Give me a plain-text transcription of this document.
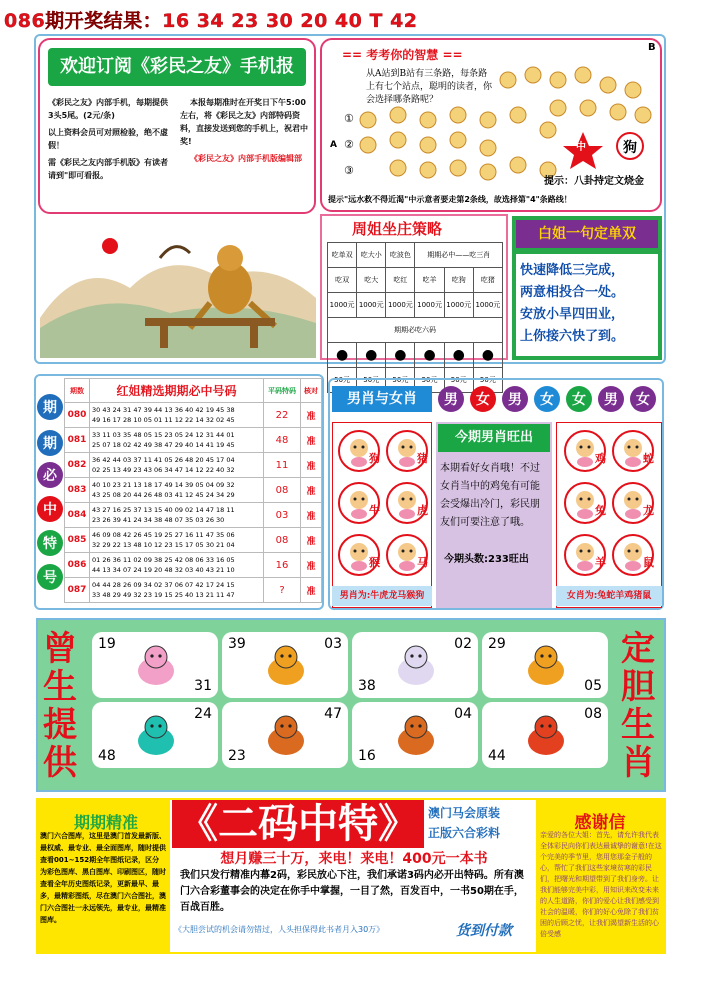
086期开奖结果：16 34 23 30 20 40 T 42
欢迎订阅《彩民之友》手机报
《彩民之友》内部手机，每期提供3头5尾。(2元/条)
以上资料会员可对照检验，绝不虚假！
需《彩民之友内部手机版》有读者请到"即可看报。
本报每期准时在开奖日下午5:00左右，将《彩民之友》内部特码资料，直接发送到您的手机上，祝君中奖!
《彩民之友》内部手机版编辑部
== 考考你的智慧 ==
B
从A站到B站有三条路，每条路上有七个站点，聪明的读者，你会选择哪条路呢？
A
①
②
③
中	狗
提示：八卦持定文烧金
提示"远水救不得近渴"中示意者要走第2条线，故选择第"4"条路线！
周姐坐庄策略
吃单双	吃大小	吃波色	期期必中——吃三肖		
吃双	吃大	吃红	吃羊	吃狗	吃猪
1000元	1000元	1000元	1000元	1000元	1000元
期期必吃六码					
●	●	●	●	●	●
50元	50元	50元	50元	50元	50元
白姐一句定单双
快速降低三完成，
两意相投合一处。
安放小旱四田业，
上你接六快了到。
期
期
必
中
特
号
期数	红姐精选期期必中号码	平码特码	核对
080	30 43 24 31 47 39 44 13 36 40 42 19 45 38
49 16 17 28 10 05 01 11 12 22 14 32 02 45	22	准
081	33 11 03 35 48 05 15 23 05 24 12 31 44 01
25 07 18 02 42 49 38 47 29 40 14 41 19 45	48	准
082	36 42 44 03 37 11 41 05 26 48 20 45 17 04
02 25 13 49 23 43 06 34 47 14 12 22 40 32	11	准
083	40 10 23 21 13 18 17 49 14 39 05 04 09 32
43 25 08 20 44 26 48 03 41 12 45 24 34 29	08	准
084	43 27 16 25 37 13 15 40 09 02 14 47 18 11
23 26 39 41 24 34 38 48 07 35 03 26 30	03	准
085	46 09 08 42 26 45 19 25 27 16 11 47 35 06
32 29 22 13 48 10 12 23 15 17 05 30 21 04	08	准
086	01 26 36 11 02 09 38 25 42 08 06 33 16 05
44 13 34 07 24 19 20 48 32 03 40 43 21 10	16	准
087	04 44 28 26 09 34 02 37 06 07 42 17 24 15
33 48 29 49 32 23 19 15 25 40 13 21 11 47	?	准
男肖与女肖	男	女	男	女	女	男	女
狗	猪
牛	虎
猴	马
男肖为:牛虎龙马猴狗
今期男肖旺出
本期看好女肖哦！不过女肖当中的鸡兔有可能会受爆出冷门，彩民朋友们可要注意了哦。
今期头数:233旺出
鸡	蛇
兔	龙
羊	鼠
女肖为:兔蛇羊鸡猪鼠
曾
生
提
供
定
胆
生
肖
19
31
39	03	02
38
29
05
24
48
47
23
04
16
08
44
期期精准
澳门六合图库，这里是澳门首发最新版、最权威、最专业、最全面图库，随时提供查看001~152期全年图纸记录，区分为彩色图库、黑白图库、印刷图区，随时查看全年历史图纸记录，更新最早、最多，最精彩图纸，尽在澳门六合图社，澳门六合图社一永远领先，最专业，最精准图库。
《二码中特》 澳门马会原装
正版六合彩料
想月赚三十万，来电！来电！400元一本书
我们只发行精准内幕2码，彩民放心下注，我们承诺3码内必开出特码。所有澳门六合彩董事会的决定在你手中掌握，一目了然，百发百中，一书50期在手，百战百胜。
《大胆尝试的机会请勿错过，人头担保得此书者月入30万》	货到付款
感谢信
亲爱的各位大姐：首先，请允许我代表全体彩民向你们表达最诚挚的谢意!在这个完美的季节里，您用您那金子般的心，帮忙了我们这些家境贫寒的彩民们，把曙光和期望带到了我们身旁。让我们能够完美中彩，用知识来改变未来的人生道路，你们的爱心让我们感受到社会的温暖，你们的好心免除了我们贫困的后顾之忧，让我们渴望新生活的心倍受感
